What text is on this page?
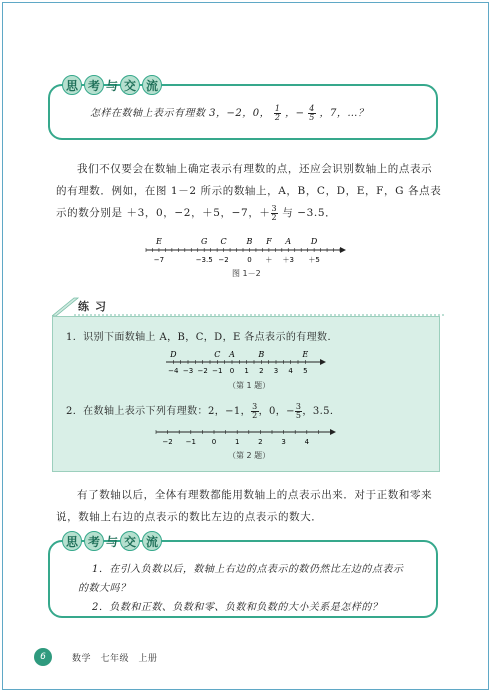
思 考 与 交 流
怎样在数轴上表示有理数 3，−2，0， $\frac{1}{2}$ ，− $\frac{4}{5}$ ，7，…？
我们不仅要会在数轴上确定表示有理数的点，还应会识别数轴上的点表示
的有理数．例如，在图 1－2 所示的数轴上，A，B，C，D，E，F，G 各点表
示的数分别是 ＋3，0，−2，＋5，−7，＋ $\frac{3}{2}$ 与 −3.5．
E	G C B F A D
−7	−3.5 −2	0 ＋ ＋3 ＋5
图 1－2
练习
1．识别下面数轴上 A，B，C，D，E 各点表示的有理数．
D	C A	B	E
−4 −3 −2 −1 0 1 2 3 4 5
（第 1 题）
2．在数轴上表示下列有理数：2，−1， $\frac{3}{2}$ ，0，− $\frac{3}{5}$ ，3.5．
−2 −1 0	1	2	3	4
（第 2 题）
有了数轴以后，全体有理数都能用数轴上的点表示出来．对于正数和零来
说，数轴上右边的点表示的数比左边的点表示的数大．
思 考 与 交 流
1．在引入负数以后，数轴上右边的点表示的数仍然比左边的点表示
的数大吗？
2．负数和正数、负数和零、负数和负数的大小关系是怎样的？
6	数学　七年级　上册
